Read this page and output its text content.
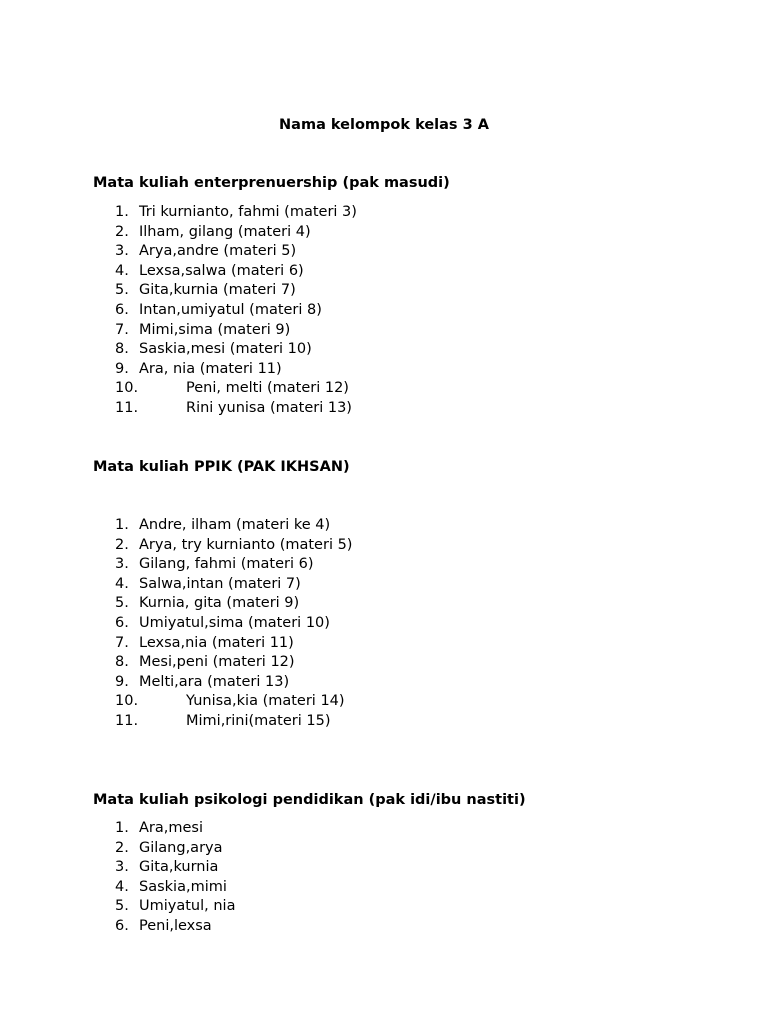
Nama kelompok kelas 3 A
Mata kuliah enterprenuership (pak masudi)
1. Tri kurnianto, fahmi (materi 3)
2. Ilham, gilang (materi 4)
3. Arya,andre (materi 5)
4. Lexsa,salwa (materi 6)
5. Gita,kurnia (materi 7)
6. Intan,umiyatul (materi 8)
7. Mimi,sima (materi 9)
8. Saskia,mesi (materi 10)
9. Ara, nia (materi 11)
10.	Peni, melti (materi 12)
11.	Rini yunisa (materi 13)
Mata kuliah PPIK (PAK IKHSAN)
1. Andre, ilham (materi ke 4)
2. Arya, try kurnianto (materi 5)
3. Gilang, fahmi (materi 6)
4. Salwa,intan (materi 7)
5. Kurnia, gita (materi 9)
6. Umiyatul,sima (materi 10)
7. Lexsa,nia (materi 11)
8. Mesi,peni (materi 12)
9. Melti,ara (materi 13)
10.	Yunisa,kia (materi 14)
11.	Mimi,rini(materi 15)
Mata kuliah psikologi pendidikan (pak idi/ibu nastiti)
1. Ara,mesi
2. Gilang,arya
3. Gita,kurnia
4. Saskia,mimi
5. Umiyatul, nia
6. Peni,lexsa
